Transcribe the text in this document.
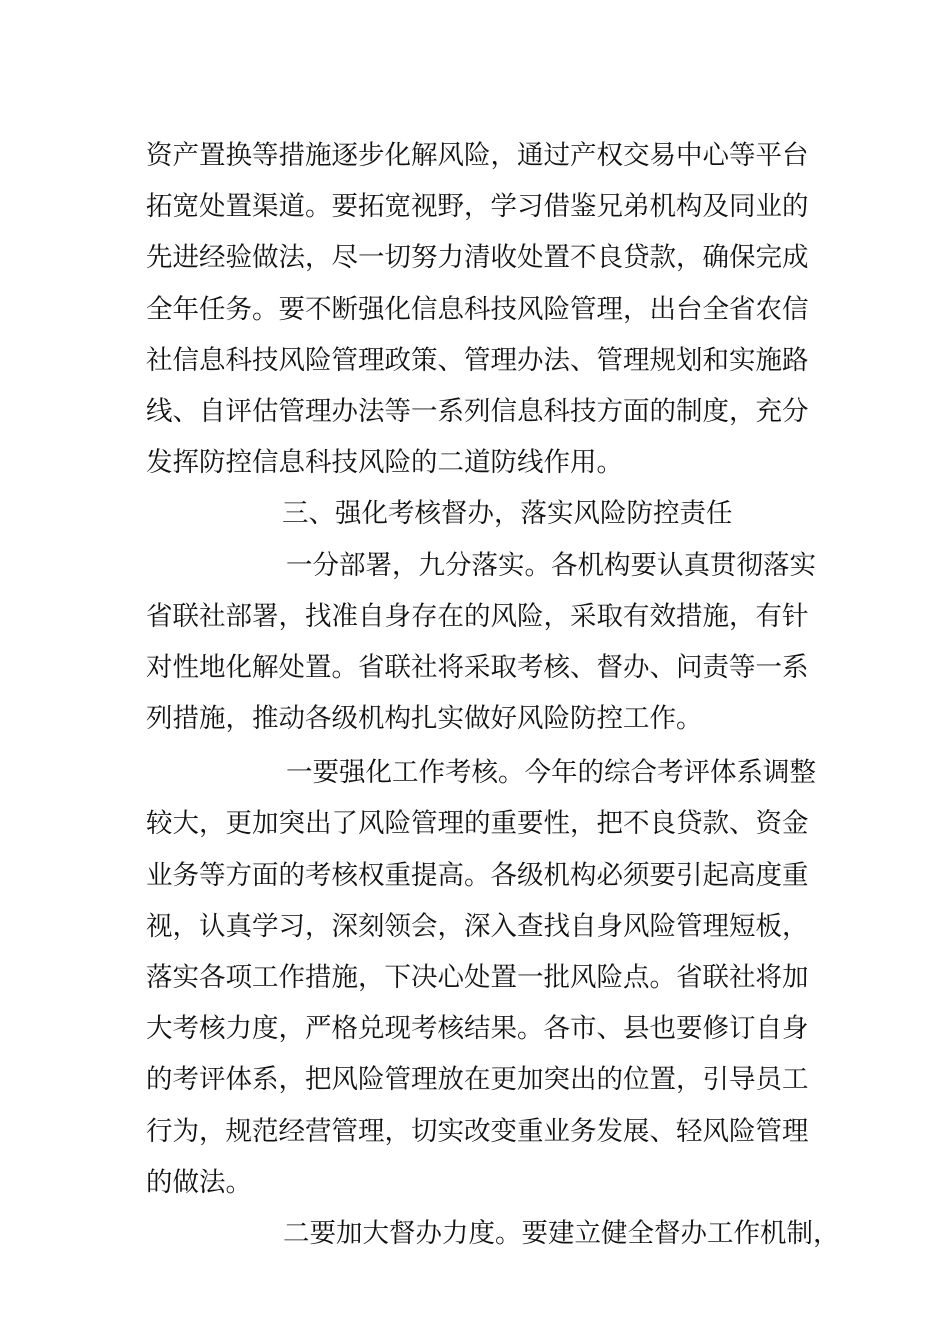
资产置换等措施逐步化解风险，通过产权交易中心等平台
拓宽处置渠道。要拓宽视野，学习借鉴兄弟机构及同业的
先进经验做法，尽一切努力清收处置不良贷款，确保完成
全年任务。要不断强化信息科技风险管理，出台全省农信
社信息科技风险管理政策、管理办法、管理规划和实施路
线、自评估管理办法等一系列信息科技方面的制度，充分
发挥防控信息科技风险的二道防线作用。
三、强化考核督办，落实风险防控责任
一分部署，九分落实。各机构要认真贯彻落实
省联社部署，找准自身存在的风险，采取有效措施，有针
对性地化解处置。省联社将采取考核、督办、问责等一系
列措施，推动各级机构扎实做好风险防控工作。
一要强化工作考核。今年的综合考评体系调整
较大，更加突出了风险管理的重要性，把不良贷款、资金
业务等方面的考核权重提高。各级机构必须要引起高度重
视，认真学习，深刻领会，深入查找自身风险管理短板，
落实各项工作措施，下决心处置一批风险点。省联社将加
大考核力度，严格兑现考核结果。各市、县也要修订自身
的考评体系，把风险管理放在更加突出的位置，引导员工
行为，规范经营管理，切实改变重业务发展、轻风险管理
的做法。
二要加大督办力度。要建立健全督办工作机制，
